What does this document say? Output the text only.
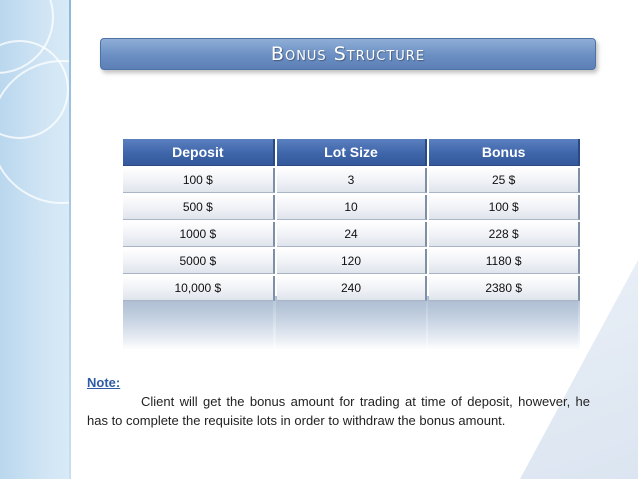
Bonus Structure
Deposit	Lot Size	Bonus
100 $	3	25 $
500 $	10	100 $
1000 $	24	228 $
5000 $	120	1180 $
10,000 $	240	2380 $
Note:
Client will get the bonus amount for trading at time of deposit, however, he has to complete the requisite lots in order to withdraw the bonus amount.
